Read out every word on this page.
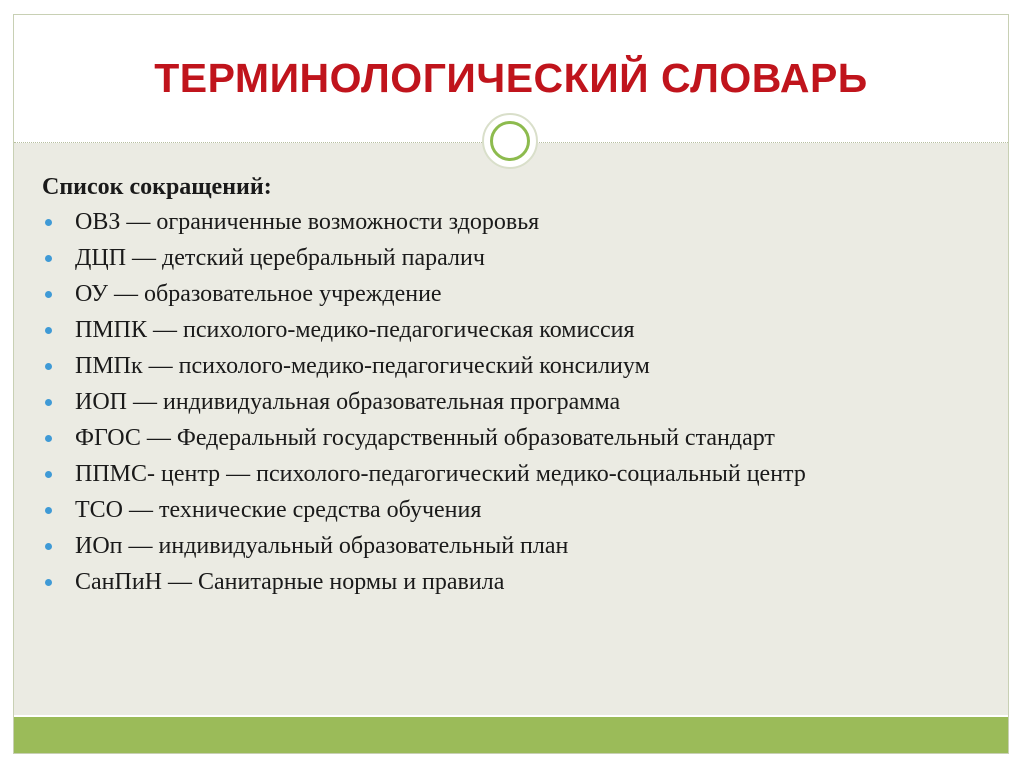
ТЕРМИНОЛОГИЧЕСКИЙ СЛОВАРЬ
Список сокращений:
ОВЗ — ограниченные возможности здоровья
ДЦП — детский церебральный паралич
ОУ — образовательное учреждение
ПМПК — психолого-медико-педагогическая комиссия
ПМПк — психолого-медико-педагогический консилиум
ИОП — индивидуальная образовательная программа
ФГОС — Федеральный государственный образовательный стандарт
ППМС- центр — психолого-педагогический медико-социальный центр
ТСО — технические средства обучения
ИОп — индивидуальный образовательный план
СанПиН — Санитарные нормы и правила
